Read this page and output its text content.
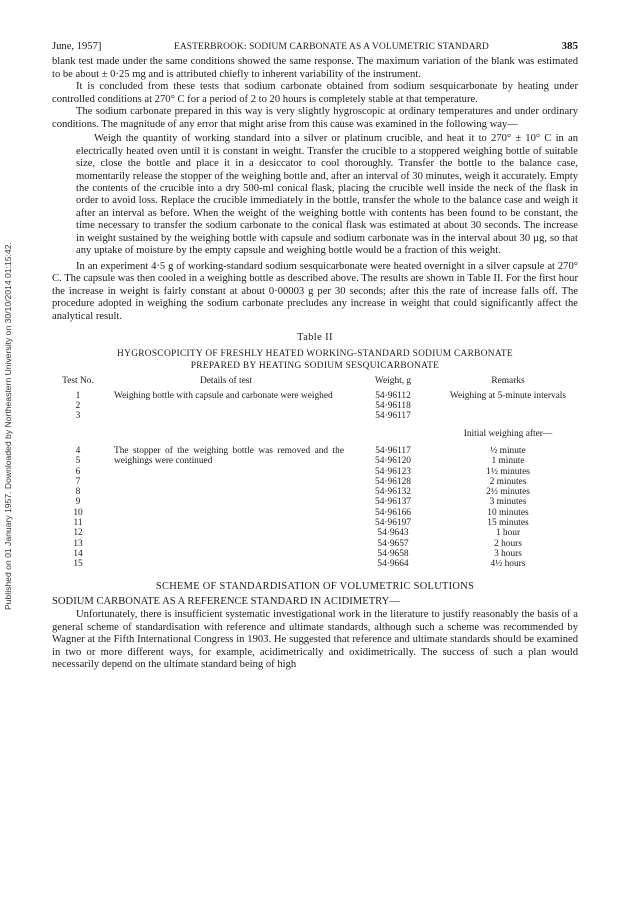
Published on 01 January 1957. Downloaded by Northeastern University on 30/10/2014 01:15:42.
June, 1957]	EASTERBROOK: SODIUM CARBONATE AS A VOLUMETRIC STANDARD	385

blank test made under the same conditions showed the same response. The maximum variation of the blank was estimated to be about ± 0·25 mg and is attributed chiefly to inherent variability of the instrument.

It is concluded from these tests that sodium carbonate obtained from sodium sesquicarbonate by heating under controlled conditions at 270° C for a period of 2 to 20 hours is completely stable at that temperature.

The sodium carbonate prepared in this way is very slightly hygroscopic at ordinary temperatures and under ordinary conditions. The magnitude of any error that might arise from this cause was examined in the following way—

Weigh the quantity of working standard into a silver or platinum crucible, and heat it to 270° ± 10° C in an electrically heated oven until it is constant in weight. Transfer the crucible to a stoppered weighing bottle of suitable size, close the bottle and place it in a desiccator to cool thoroughly. Transfer the bottle to the balance case, momentarily release the stopper of the weighing bottle and, after an interval of 30 minutes, weigh it accurately. Empty the contents of the crucible into a dry 500-ml conical flask, placing the crucible well inside the neck of the flask in order to avoid loss. Replace the crucible immediately in the bottle, transfer the whole to the balance case and weigh it after an interval as before. When the weight of the weighing bottle with contents has been found to be constant, the time necessary to transfer the sodium carbonate to the conical flask was estimated at about 30 seconds. The increase in weight sustained by the weighing bottle with capsule and sodium carbonate was in the interval about 30 µg, so that any uptake of moisture by the empty capsule and weighing bottle would be a fraction of this weight.

In an experiment 4·5 g of working-standard sodium sesquicarbonate were heated overnight in a silver capsule at 270° C. The capsule was then cooled in a weighing bottle as described above. The results are shown in Table II. For the first hour the increase in weight is fairly constant at about 0·00003 g per 30 seconds; after this the rate of increase falls off. The procedure adopted in weighing the sodium carbonate precludes any increase in weight that could significantly affect the analytical result.

Table II
HYGROSCOPICITY OF FRESHLY HEATED WORKING-STANDARD SODIUM CARBONATE
PREPARED BY HEATING SODIUM SESQUICARBONATE
Test No.	Details of test	Weight, g	Remarks
1	Weighing bottle with capsule and carbonate were weighed	54·96112	Weighing at 5-minute intervals
2		54·96118	
3		54·96117	

			Initial weighing after—

4	The stopper of the weighing bottle was removed and the weighings were continued	54·96117	½ minute
5		54·96120	1 minute
6		54·96123	1½ minutes
7		54·96128	2 minutes
8		54·96132	2½ minutes
9		54·96137	3 minutes
10		54·96166	10 minutes
11		54·96197	15 minutes
12		54·9643	1 hour
13		54·9657	2 hours
14		54·9658	3 hours
15		54·9664	4½ hours
SCHEME OF STANDARDISATION OF VOLUMETRIC SOLUTIONS

SODIUM CARBONATE AS A REFERENCE STANDARD IN ACIDIMETRY—

Unfortunately, there is insufficient systematic investigational work in the literature to justify reasonably the basis of a general scheme of standardisation with reference and ultimate standards, although such a scheme was recommended by Wagner at the Fifth International Congress in 1903. He suggested that reference and ultimate standards should be examined in two or more different ways, for example, acidimetrically and oxidimetrically. The success of such a plan would necessarily depend on the ultimate standard being of high
